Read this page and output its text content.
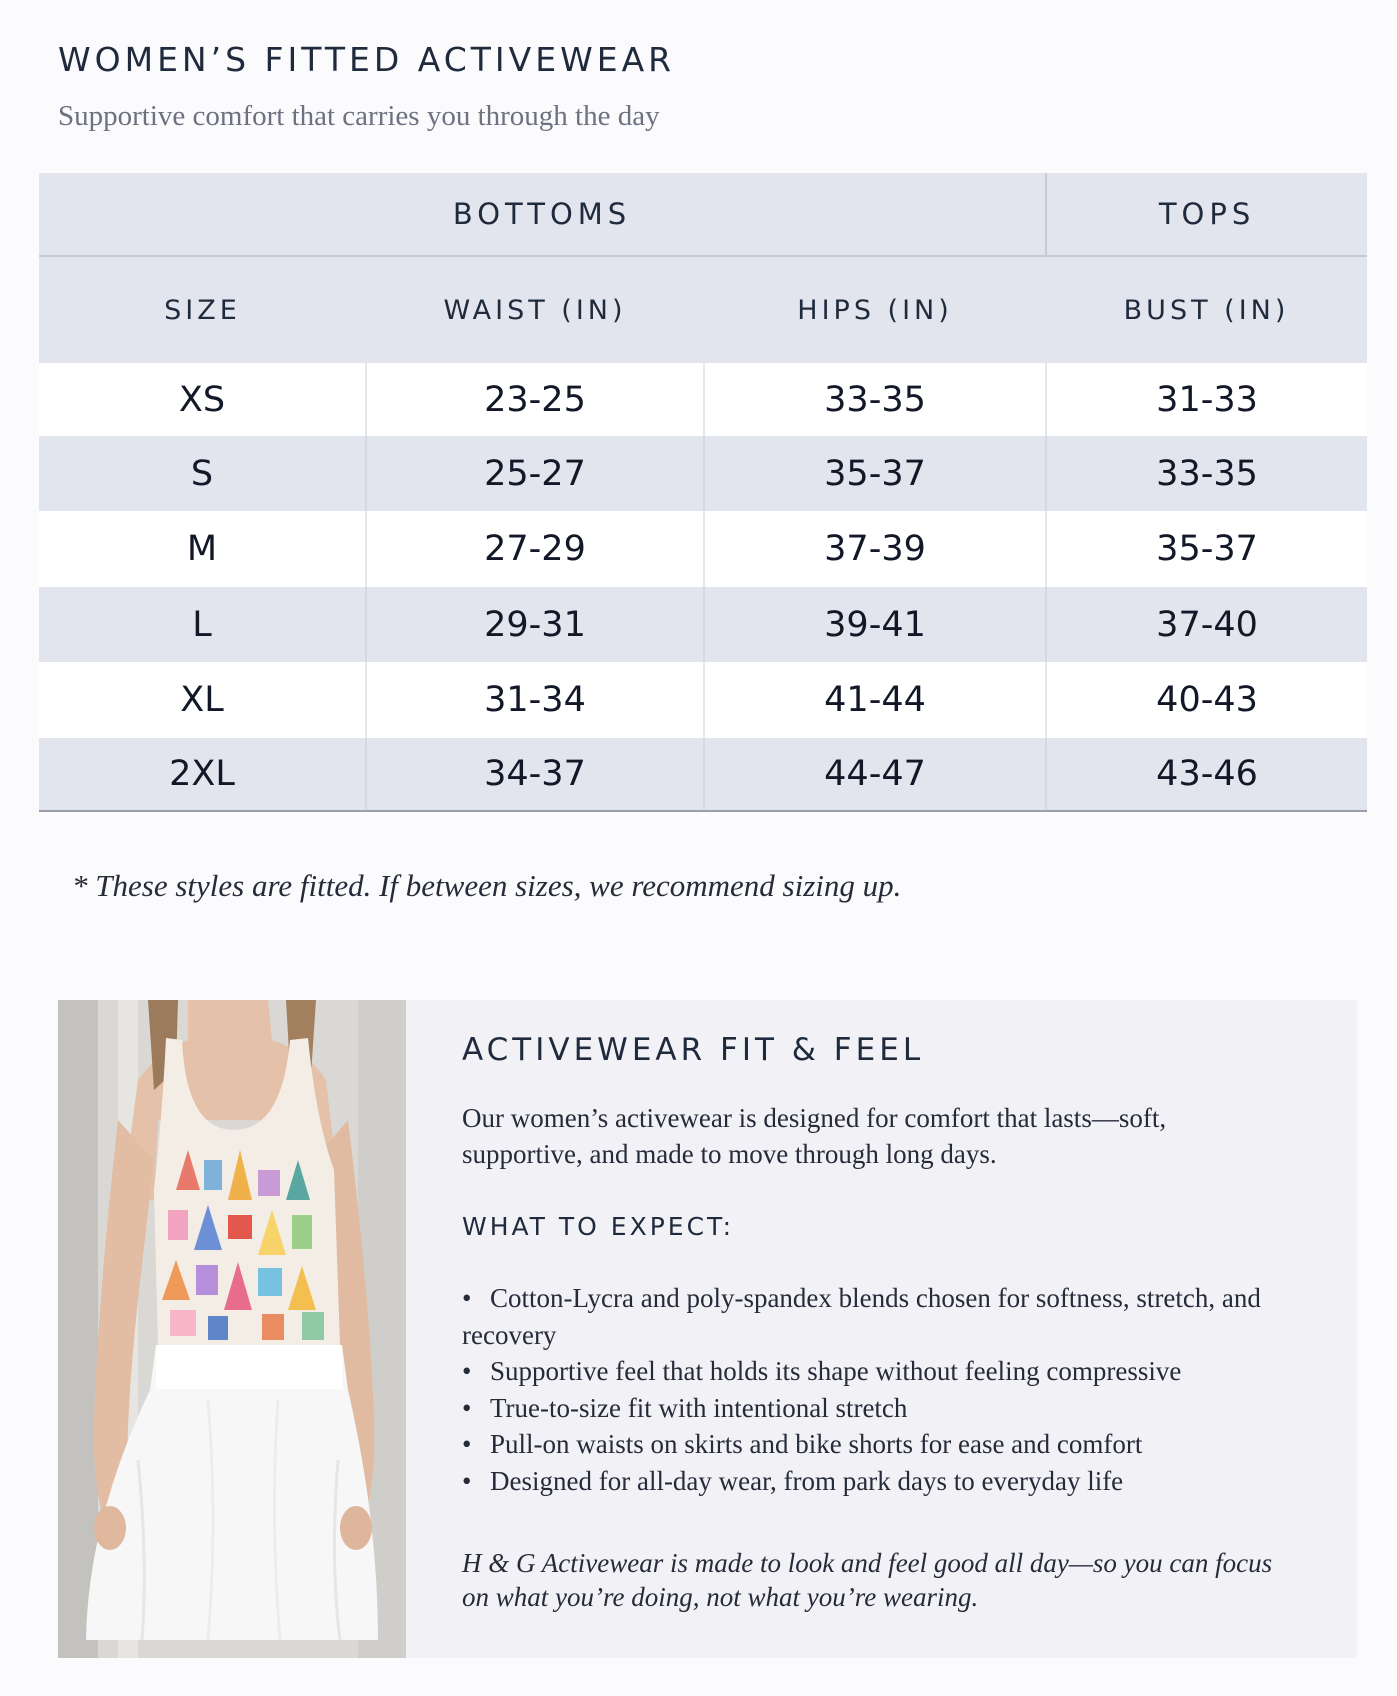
WOMEN’S FITTED ACTIVEWEAR
Supportive comfort that carries you through the day
BOTTOMS			TOPS
SIZE	WAIST (IN)	HIPS (IN)	BUST (IN)
XS	23-25	33-35	31-33
S	25-27	35-37	33-35
M	27-29	37-39	35-37
L	29-31	39-41	37-40
XL	31-34	41-44	40-43
2XL	34-37	44-47	43-46
* These styles are fitted. If between sizes, we recommend sizing up.
ACTIVEWEAR FIT & FEEL
Our women’s activewear is designed for comfort that lasts—soft, supportive, and made to move through long days.
WHAT TO EXPECT:
• Cotton-Lycra and poly-spandex blends chosen for softness, stretch, and recovery
• Supportive feel that holds its shape without feeling compressive
• True-to-size fit with intentional stretch
• Pull-on waists on skirts and bike shorts for ease and comfort
• Designed for all-day wear, from park days to everyday life
H & G Activewear is made to look and feel good all day—so you can focus on what you’re doing, not what you’re wearing.
